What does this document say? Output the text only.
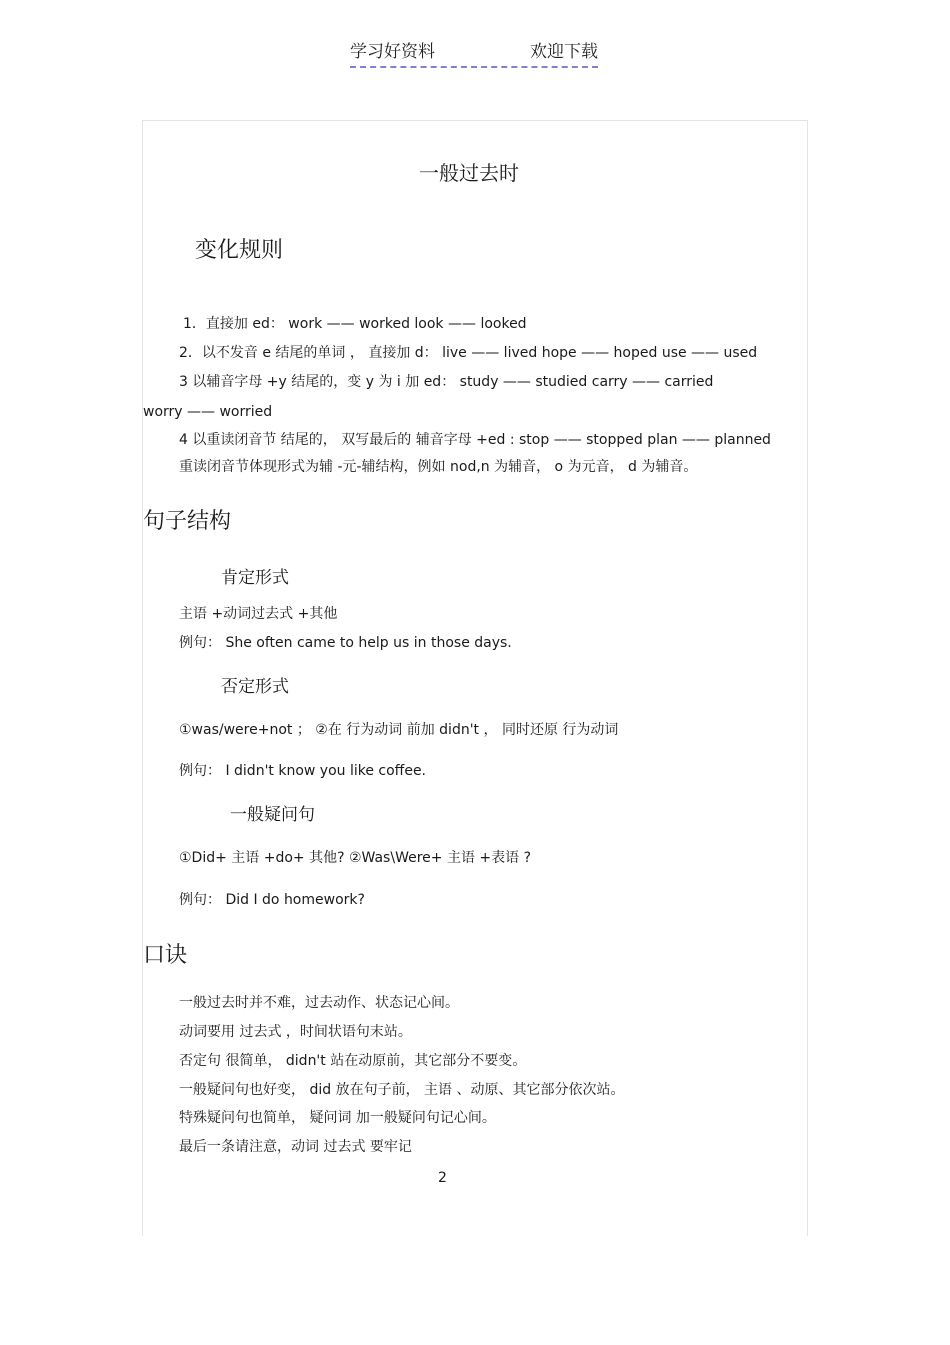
学习好资料	欢迎下载
一般过去时
变化规则
1．直接加 ed： work —— worked look —— looked
2．以不发音 e 结尾的单词 ， 直接加 d： live —— lived hope —— hoped use —— used
3 以辅音字母 +y 结尾的，变 y 为 i 加 ed： study —— studied carry —— carried
worry —— worried
4 以重读闭音节 结尾的， 双写最后的 辅音字母 +ed : stop —— stopped plan —— planned
重读闭音节体现形式为辅 -元-辅结构，例如 nod,n 为辅音， o 为元音， d 为辅音。
句子结构
肯定形式
主语 +动词过去式 +其他
例句： She often came to help us in those days.
否定形式
①was/were+not ； ②在 行为动词 前加 didn't ， 同时还原 行为动词
例句： I didn't know you like coffee.
一般疑问句
①Did+ 主语 +do+ 其他? ②Was\Were+ 主语 +表语 ?
例句： Did I do homework?
口诀
一般过去时并不难，过去动作、状态记心间。
动词要用 过去式 ，时间状语句末站。
否定句 很简单， didn't 站在动原前，其它部分不要变。
一般疑问句也好变， did 放在句子前， 主语 、动原、其它部分依次站。
特殊疑问句也简单， 疑问词 加一般疑问句记心间。
最后一条请注意，动词 过去式 要牢记
2
